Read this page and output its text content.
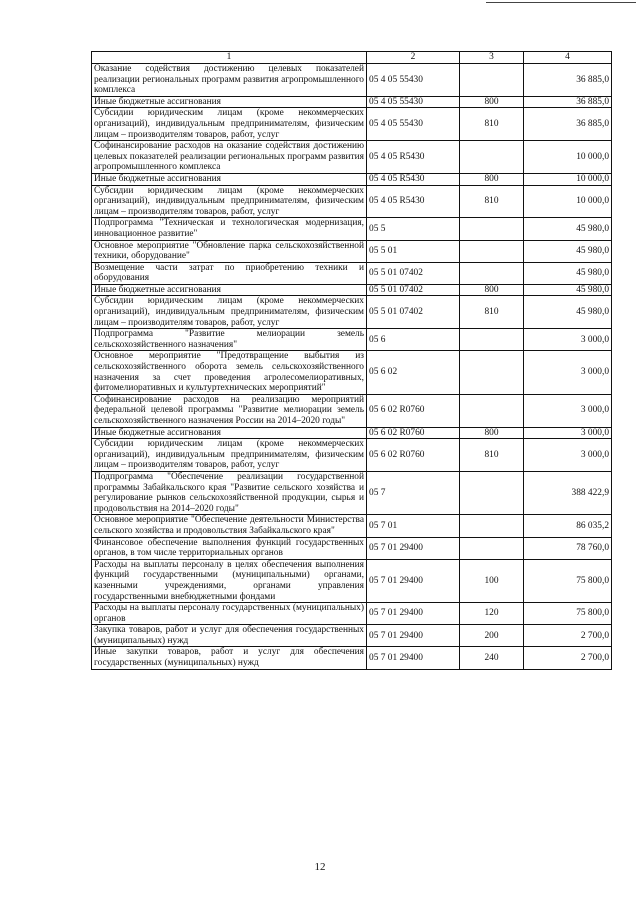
1	2	3	4
Оказание содействия достижению целевых показателей реализации региональных программ развития агропромышленного комплекса	05 4 05 55430		36 885,0
Иные бюджетные ассигнования	05 4 05 55430	800	36 885,0
Субсидии юридическим лицам (кроме некоммерческих организаций), индивидуальным предпринимателям, физическим лицам – производителям товаров, работ, услуг	05 4 05 55430	810	36 885,0
Софинансирование расходов на оказание содействия достижению целевых показателей реализации региональных программ развития агропромышленного комплекса	05 4 05 R5430		10 000,0
Иные бюджетные ассигнования	05 4 05 R5430	800	10 000,0
Субсидии юридическим лицам (кроме некоммерческих организаций), индивидуальным предпринимателям, физическим лицам – производителям товаров, работ, услуг	05 4 05 R5430	810	10 000,0
Подпрограмма "Техническая и технологическая модернизация, инновационное развитие"	05 5		45 980,0
Основное мероприятие "Обновление парка сельскохозяйственной техники, оборудование"	05 5 01		45 980,0
Возмещение части затрат по приобретению техники и оборудования	05 5 01 07402		45 980,0
Иные бюджетные ассигнования	05 5 01 07402	800	45 980,0
Субсидии юридическим лицам (кроме некоммерческих организаций), индивидуальным предпринимателям, физическим лицам – производителям товаров, работ, услуг	05 5 01 07402	810	45 980,0
Подпрограмма "Развитие мелиорации земель сельскохозяйственного назначения"	05 6		3 000,0
Основное мероприятие "Предотвращение выбытия из сельскохозяйственного оборота земель сельскохозяйственного назначения за счет проведения агролесомелиоративных, фитомелиоративных и культуртехнических мероприятий"	05 6 02		3 000,0
Софинансирование расходов на реализацию мероприятий федеральной целевой программы "Развитие мелиорации земель сельскохозяйственного назначения России на 2014–2020 годы"	05 6 02 R0760		3 000,0
Иные бюджетные ассигнования	05 6 02 R0760	800	3 000,0
Субсидии юридическим лицам (кроме некоммерческих организаций), индивидуальным предпринимателям, физическим лицам – производителям товаров, работ, услуг	05 6 02 R0760	810	3 000,0
Подпрограмма "Обеспечение реализации государственной программы Забайкальского края "Развитие сельского хозяйства и регулирование рынков сельскохозяйственной продукции, сырья и продовольствия на 2014–2020 годы"	05 7		388 422,9
Основное мероприятие "Обеспечение деятельности Министерства сельского хозяйства и продовольствия Забайкальского края"	05 7 01		86 035,2
Финансовое обеспечение выполнения функций государственных органов, в том числе территориальных органов	05 7 01 29400		78 760,0
Расходы на выплаты персоналу в целях обеспечения выполнения функций государственными (муниципальными) органами, казенными учреждениями, органами управления государственными внебюджетными фондами	05 7 01 29400	100	75 800,0
Расходы на выплаты персоналу государственных (муниципальных) органов	05 7 01 29400	120	75 800,0
Закупка товаров, работ и услуг для обеспечения государственных (муниципальных) нужд	05 7 01 29400	200	2 700,0
Иные закупки товаров, работ и услуг для обеспечения государственных (муниципальных) нужд	05 7 01 29400	240	2 700,0
12
